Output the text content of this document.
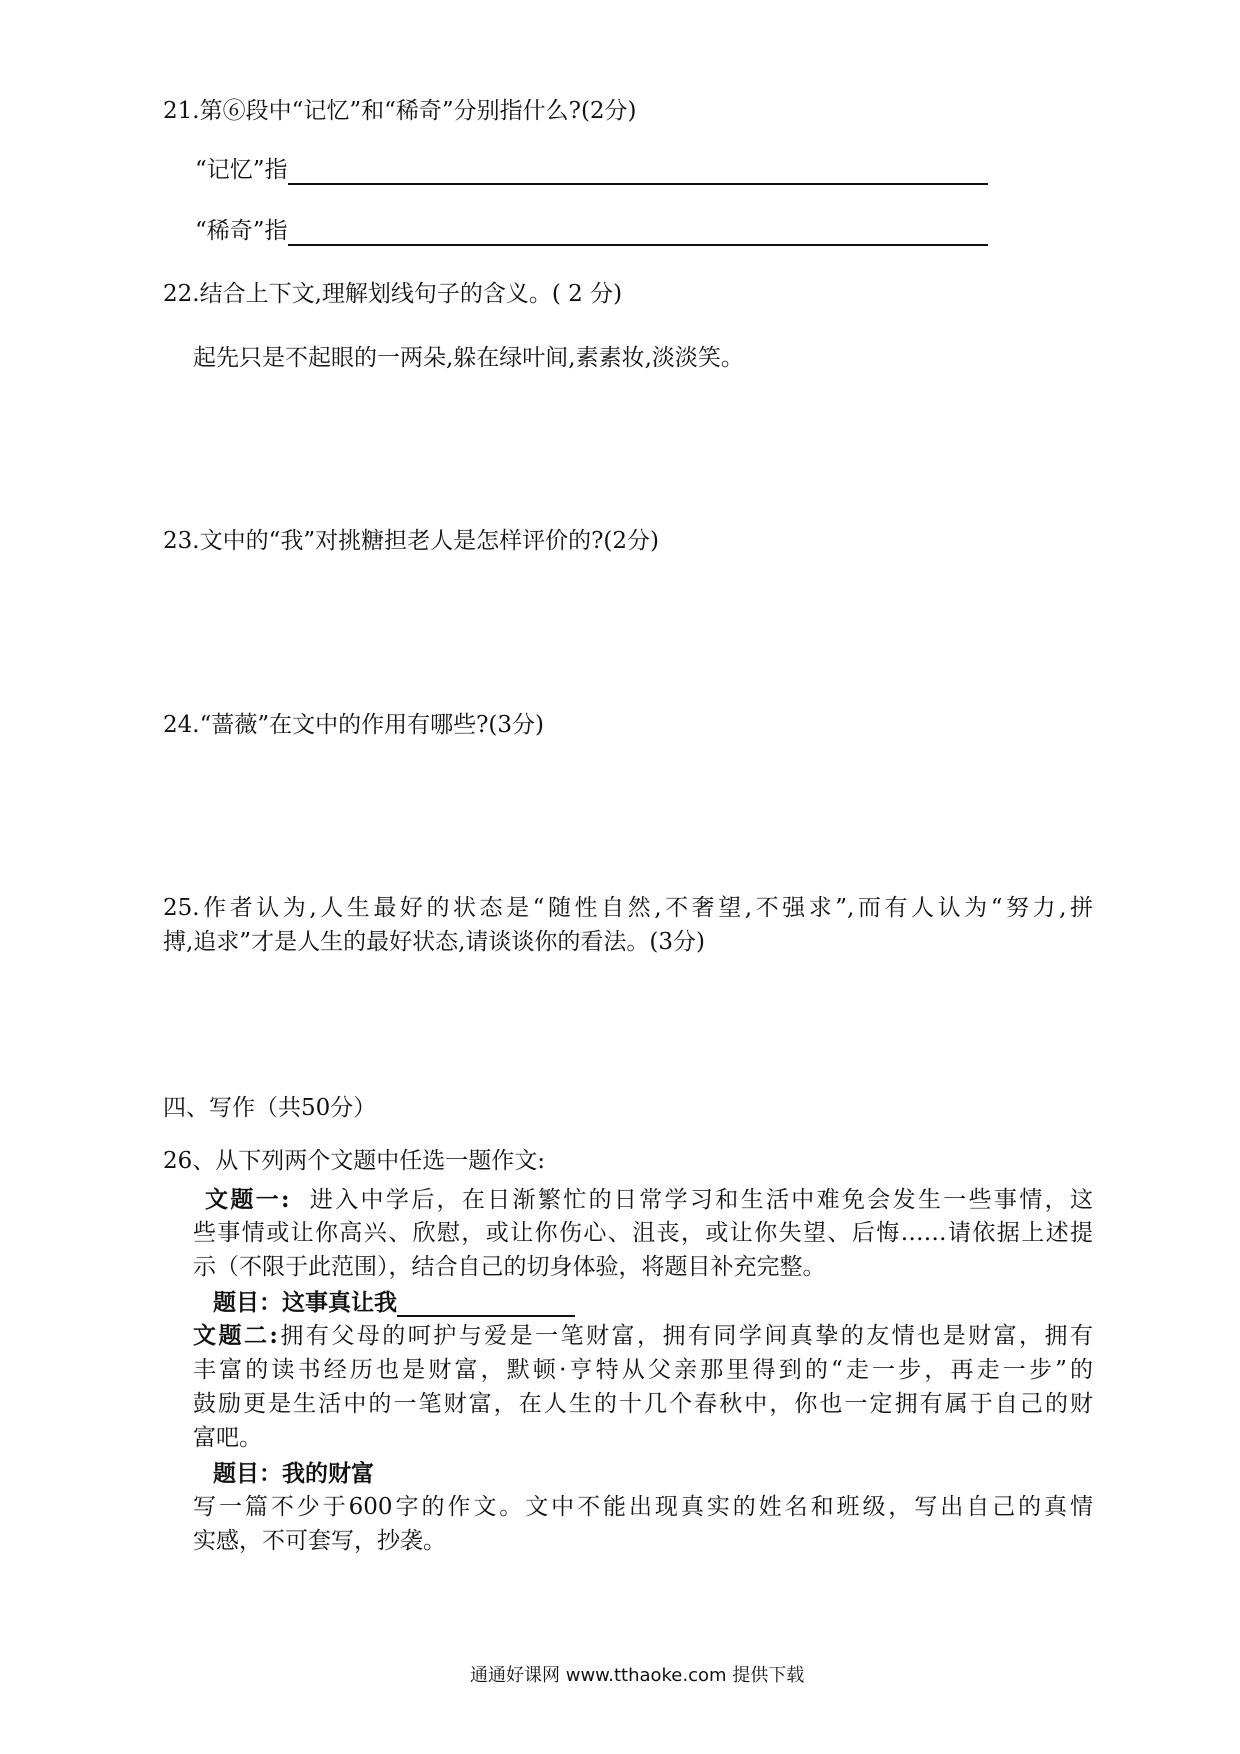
21.第⑥段中“记忆”和“稀奇”分别指什么?(2分)
“记忆”指
“稀奇”指
22.结合上下文,理解划线句子的含义。( 2 分)
起先只是不起眼的一两朵,躲在绿叶间,素素妆,淡淡笑。
23.文中的“我”对挑糖担老人是怎样评价的?(2分)
24.“蔷薇”在文中的作用有哪些?(3分)
25.作者认为,人生最好的状态是“随性自然,不奢望,不强求”,而有人认为“努力,拼
搏,追求”才是人生的最好状态,请谈谈你的看法。(3分)
四、写作（共50分）
26、从下列两个文题中任选一题作文:
文题一: 进入中学后，在日渐繁忙的日常学习和生活中难免会发生一些事情，这
些事情或让你高兴、欣慰，或让你伤心、沮丧，或让你失望、后悔……请依据上述提
示（不限于此范围），结合自己的切身体验，将题目补充完整。
题目：这事真让我
文题二:拥有父母的呵护与爱是一笔财富，拥有同学间真挚的友情也是财富，拥有
丰富的读书经历也是财富，默顿·亨特从父亲那里得到的“走一步，再走一步”的
鼓励更是生活中的一笔财富，在人生的十几个春秋中，你也一定拥有属于自己的财
富吧。
题目：我的财富
写一篇不少于600字的作文。文中不能出现真实的姓名和班级，写出自己的真情
实感，不可套写，抄袭。
通通好课网 www.tthaoke.com 提供下载
